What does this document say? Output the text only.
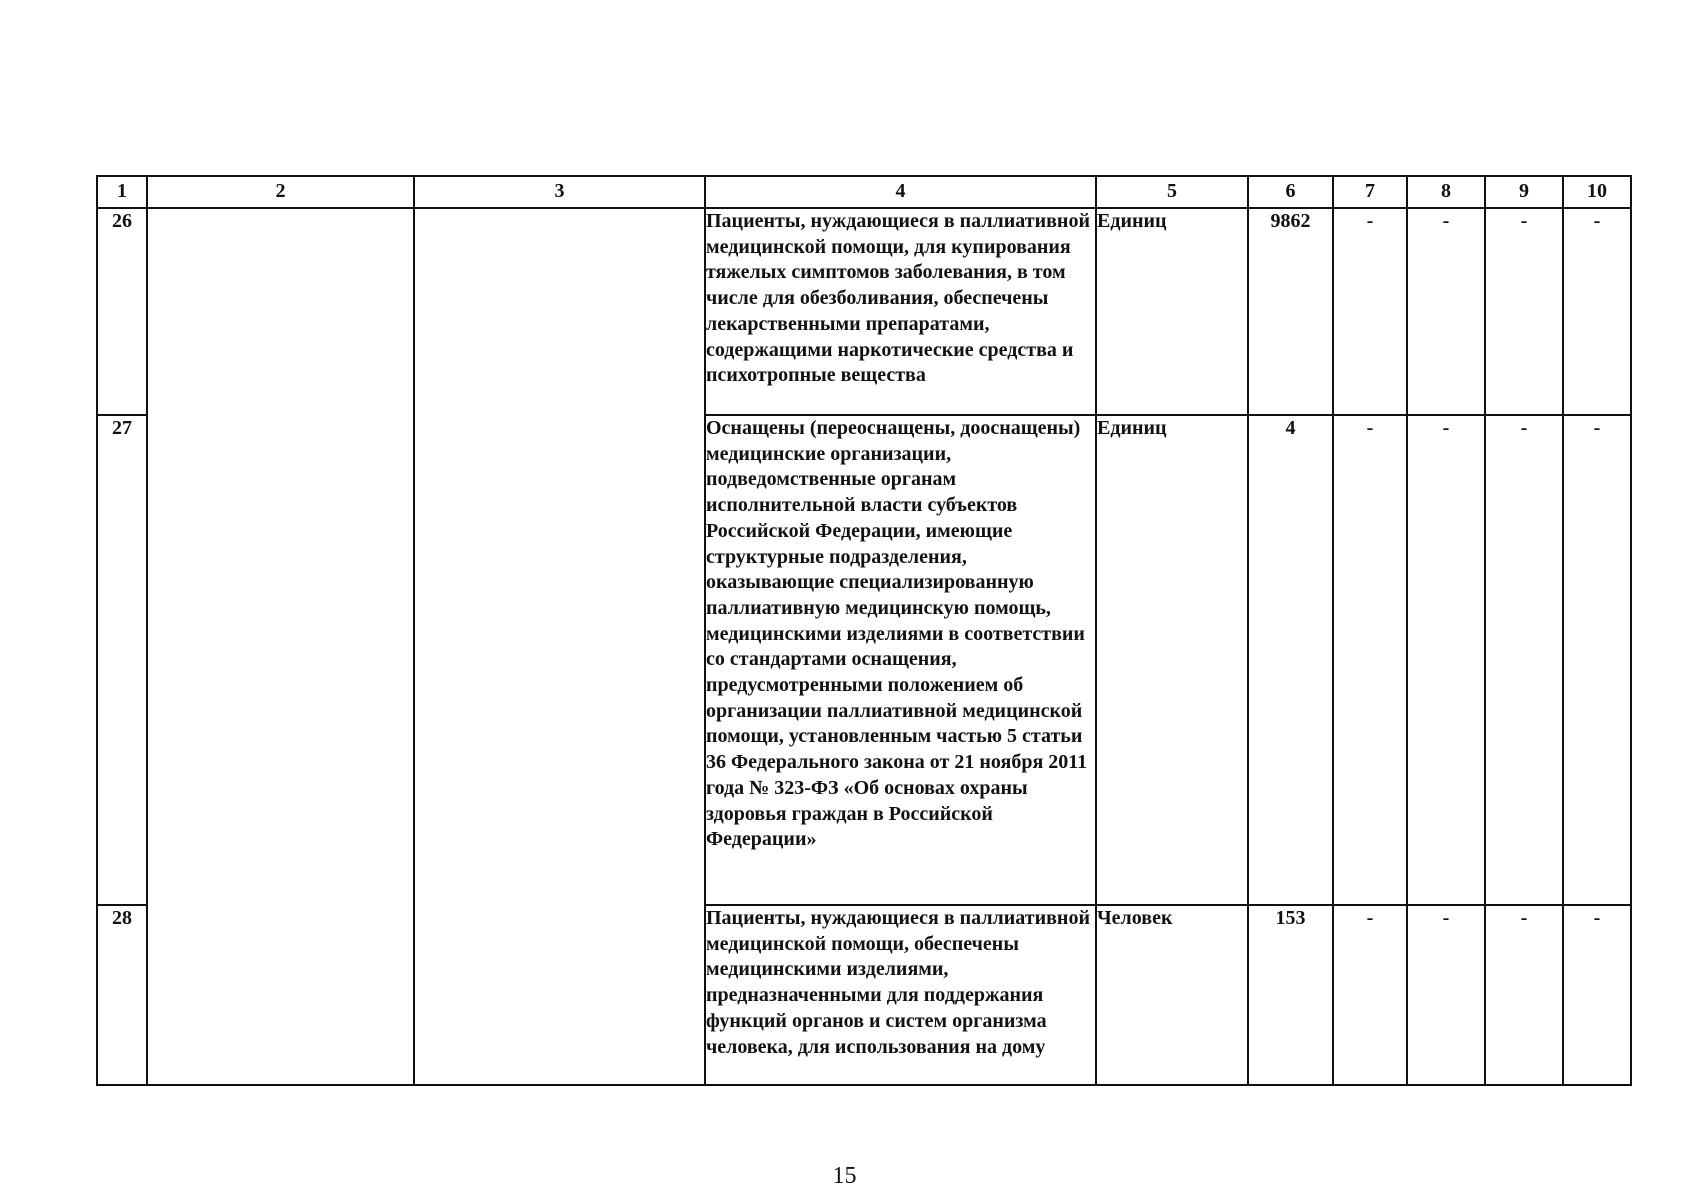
1	2	3	4	5	6	7	8	9	10
26			Пациенты, нуждающиеся в паллиативной медицинской помощи, для купирования тяжелых симптомов заболевания, в том числе для обезболивания, обеспечены лекарственными препаратами, содержащими наркотические средства и психотропные вещества	Единиц	9862	-	-	-	-
27			Оснащены (переоснащены, дооснащены) медицинские организации, подведомственные органам исполнительной власти субъектов Российской Федерации, имеющие структурные подразделения, оказывающие специализированную паллиативную медицинскую помощь, медицинскими изделиями в соответствии со стандартами оснащения, предусмотренными положением об организации паллиативной медицинской помощи, установленным частью 5 статьи 36 Федерального закона от 21 ноября 2011 года № 323-ФЗ «Об основах охраны здоровья граждан в Российской Федерации»	Единиц	4	-	-	-	-
28			Пациенты, нуждающиеся в паллиативной медицинской помощи, обеспечены медицинскими изделиями, предназначенными для поддержания функций органов и систем организма человека, для использования на дому	Человек	153	-	-	-	-
15
